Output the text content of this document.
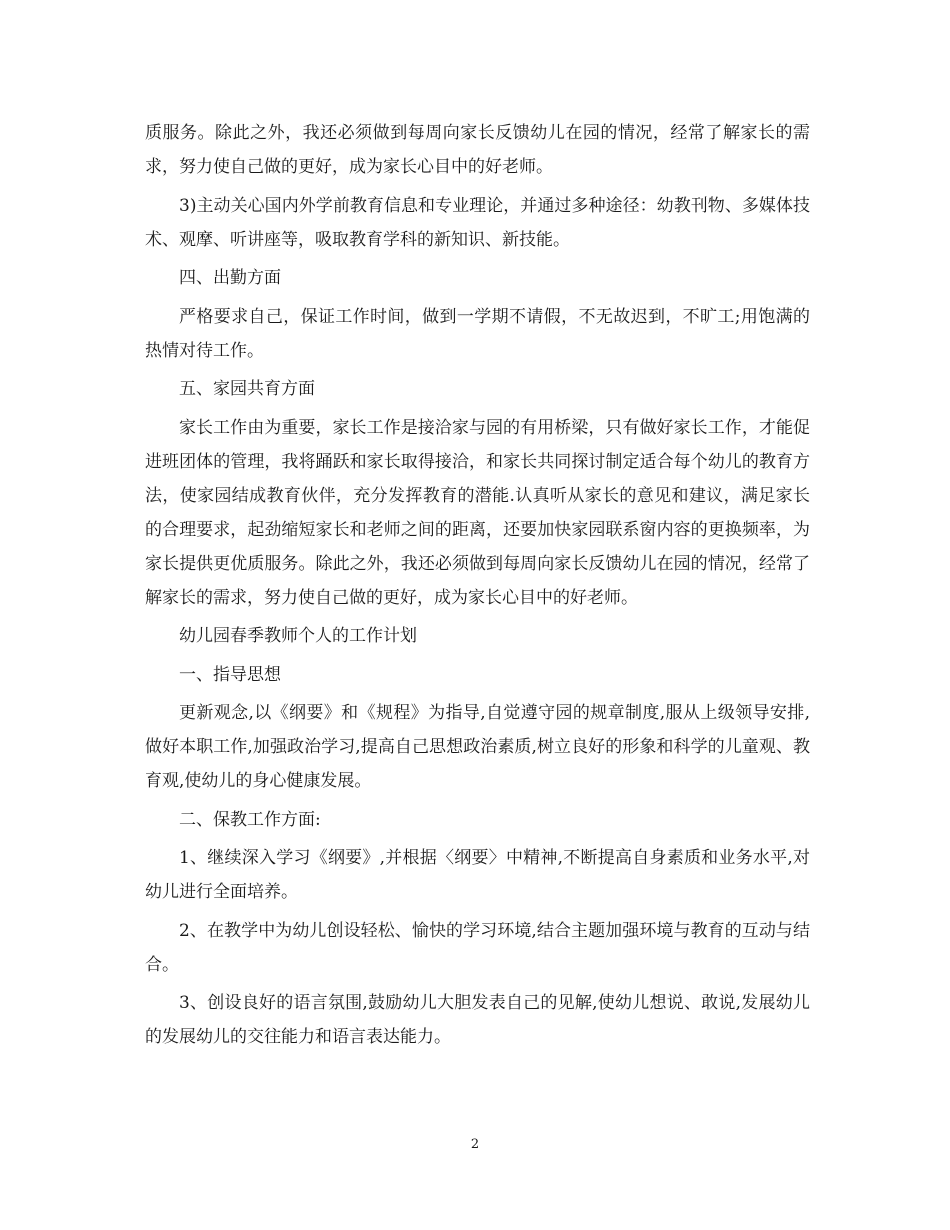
质服务。除此之外，我还必须做到每周向家长反馈幼儿在园的情况，经常了解家长的需求，努力使自己做的更好，成为家长心目中的好老师。

3)主动关心国内外学前教育信息和专业理论，并通过多种途径：幼教刊物、多媒体技术、观摩、听讲座等，吸取教育学科的新知识、新技能。

四、出勤方面

严格要求自己，保证工作时间，做到一学期不请假，不无故迟到，不旷工;用饱满的热情对待工作。

五、家园共育方面

家长工作由为重要，家长工作是接洽家与园的有用桥梁，只有做好家长工作，才能促进班团体的管理，我将踊跃和家长取得接洽，和家长共同探讨制定适合每个幼儿的教育方法，使家园结成教育伙伴，充分发挥教育的潜能.认真听从家长的意见和建议，满足家长的合理要求，起劲缩短家长和老师之间的距离，还要加快家园联系窗内容的更换频率，为家长提供更优质服务。除此之外，我还必须做到每周向家长反馈幼儿在园的情况，经常了解家长的需求，努力使自己做的更好，成为家长心目中的好老师。

幼儿园春季教师个人的工作计划

一、指导思想

更新观念,以《纲要》和《规程》为指导,自觉遵守园的规章制度,服从上级领导安排,做好本职工作,加强政治学习,提高自己思想政治素质,树立良好的形象和科学的儿童观、教育观,使幼儿的身心健康发展。

二、保教工作方面:

1、继续深入学习《纲要》,并根据〈纲要〉中精神,不断提高自身素质和业务水平,对幼儿进行全面培养。

2、在教学中为幼儿创设轻松、愉快的学习环境,结合主题加强环境与教育的互动与结合。

3、创设良好的语言氛围,鼓励幼儿大胆发表自己的见解,使幼儿想说、敢说,发展幼儿的发展幼儿的交往能力和语言表达能力。

2
